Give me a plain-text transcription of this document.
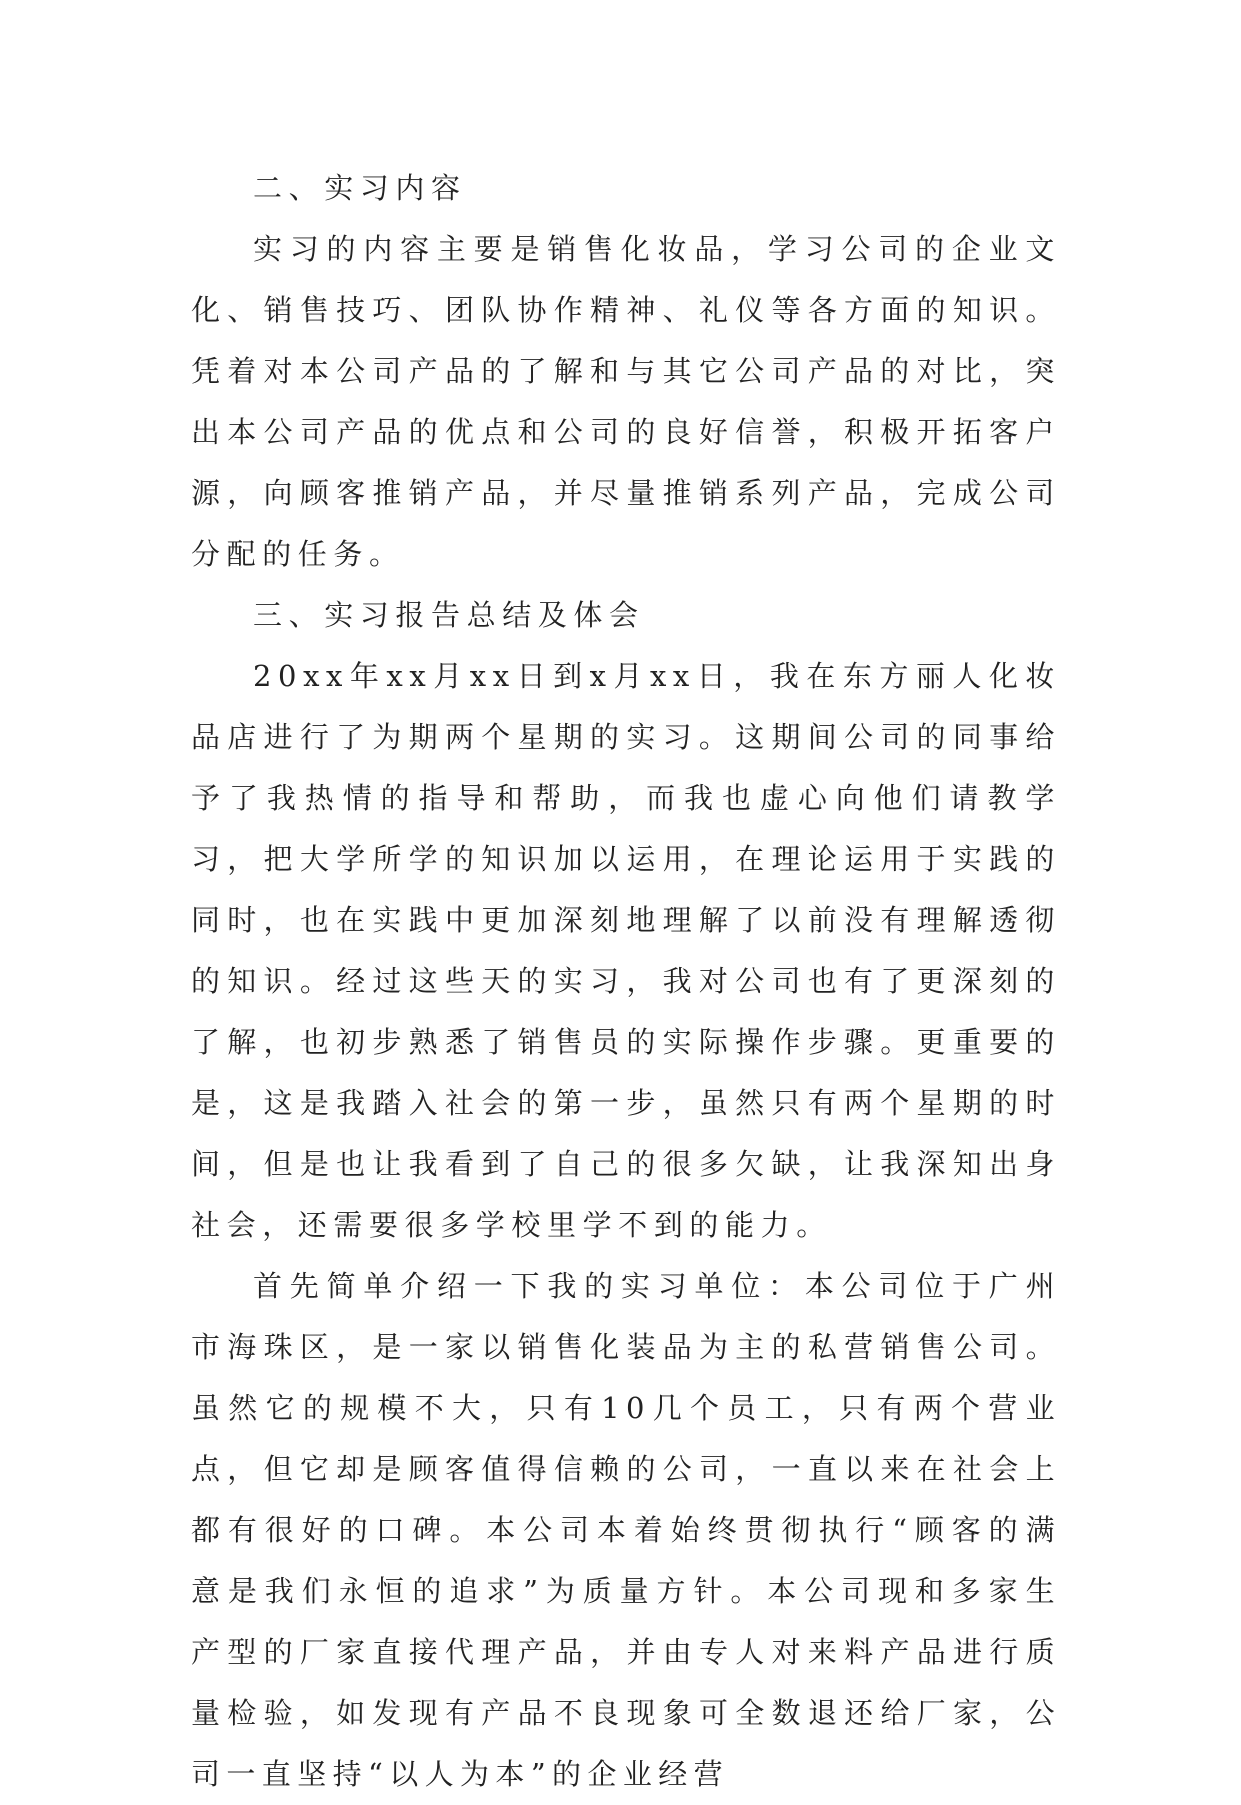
二、实习内容

实习的内容主要是销售化妆品，学习公司的企业文化、销售技巧、团队协作精神、礼仪等各方面的知识。凭着对本公司产品的了解和与其它公司产品的对比，突出本公司产品的优点和公司的良好信誉，积极开拓客户源，向顾客推销产品，并尽量推销系列产品，完成公司分配的任务。

三、实习报告总结及体会

20xx年xx月xx日到x月xx日，我在东方丽人化妆品店进行了为期两个星期的实习。这期间公司的同事给予了我热情的指导和帮助，而我也虚心向他们请教学习，把大学所学的知识加以运用，在理论运用于实践的同时，也在实践中更加深刻地理解了以前没有理解透彻的知识。经过这些天的实习，我对公司也有了更深刻的了解，也初步熟悉了销售员的实际操作步骤。更重要的是，这是我踏入社会的第一步，虽然只有两个星期的时间，但是也让我看到了自己的很多欠缺，让我深知出身社会，还需要很多学校里学不到的能力。

首先简单介绍一下我的实习单位：本公司位于广州市海珠区，是一家以销售化装品为主的私营销售公司。虽然它的规模不大，只有10几个员工，只有两个营业点，但它却是顾客值得信赖的公司，一直以来在社会上都有很好的口碑。本公司本着始终贯彻执行“顾客的满意是我们永恒的追求”为质量方针。本公司现和多家生产型的厂家直接代理产品，并由专人对来料产品进行质量检验，如发现有产品不良现象可全数退还给厂家，公司一直坚持“以人为本”的企业经营
